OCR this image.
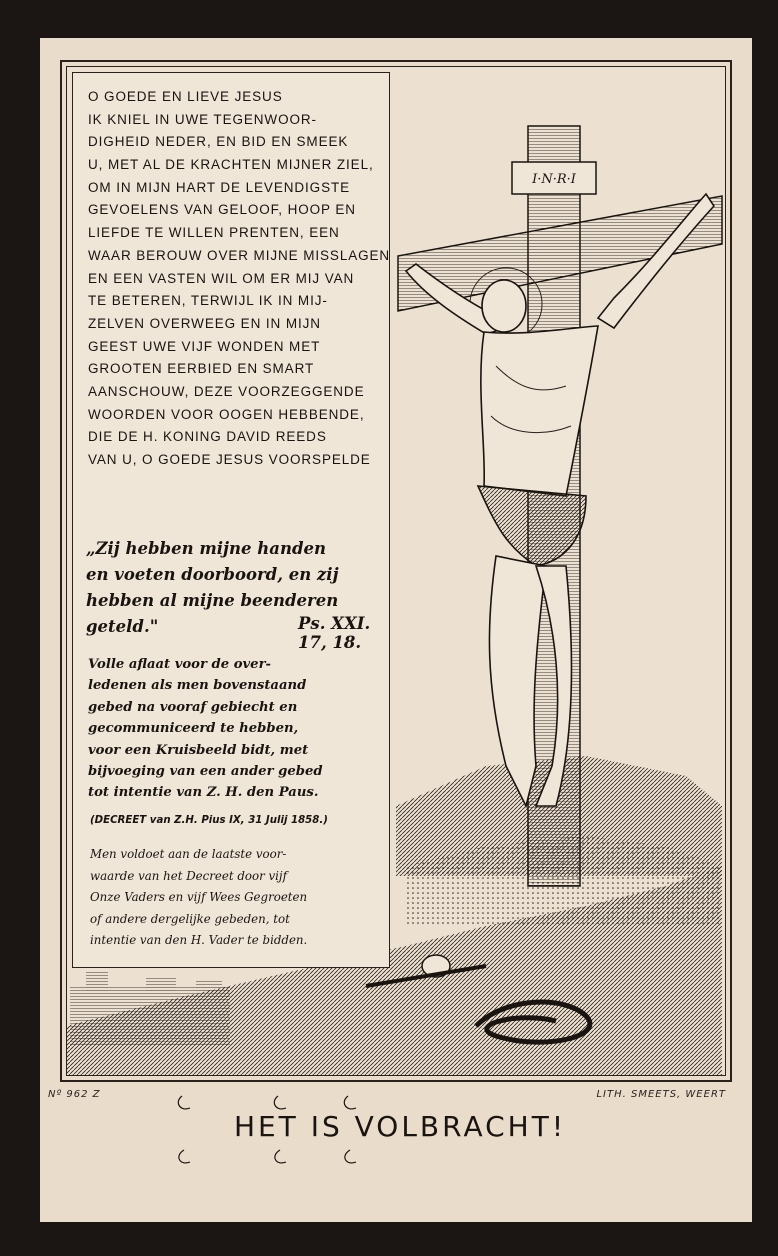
I·N·R·I
O GOEDE EN LIEVE JESUS
IK KNIEL IN UWE TEGENWOOR-
DIGHEID NEDER, EN BID EN SMEEK
U, MET AL DE KRACHTEN MIJNER ZIEL,
OM IN MIJN HART DE LEVENDIGSTE
GEVOELENS VAN GELOOF, HOOP EN
LIEFDE TE WILLEN PRENTEN, EEN
WAAR BEROUW OVER MIJNE MISSLAGEN
EN EEN VASTEN WIL OM ER MIJ VAN
TE BETEREN, TERWIJL IK IN MIJ-
ZELVEN OVERWEEG EN IN MIJN
GEEST UWE VIJF WONDEN MET
GROOTEN EERBIED EN SMART
AANSCHOUW, DEZE VOORZEGGENDE
WOORDEN VOOR OOGEN HEBBENDE,
DIE DE H. KONING DAVID REEDS
VAN U, O GOEDE JESUS VOORSPELDE
„Zij hebben mijne handen
en voeten doorboord, en zij
hebben al mijne beenderen
geteld."	Ps. XXI. 17, 18.
Volle aflaat voor de over-
ledenen als men bovenstaand
gebed na vooraf gebiecht en
gecommuniceerd te hebben,
voor een Kruisbeeld bidt, met
bijvoeging van een ander gebed
tot intentie van Z. H. den Paus.
(DECREET van Z.H. Pius IX, 31 Julij 1858.)
Men voldoet aan de laatste voor-
waarde van het Decreet door vijf
Onze Vaders en vijf Wees Gegroeten
of andere dergelijke gebeden, tot
intentie van den H. Vader te bidden.
Nº 962 Z	LITH. SMEETS, WEERT
HET IS VOLBRACHT!
